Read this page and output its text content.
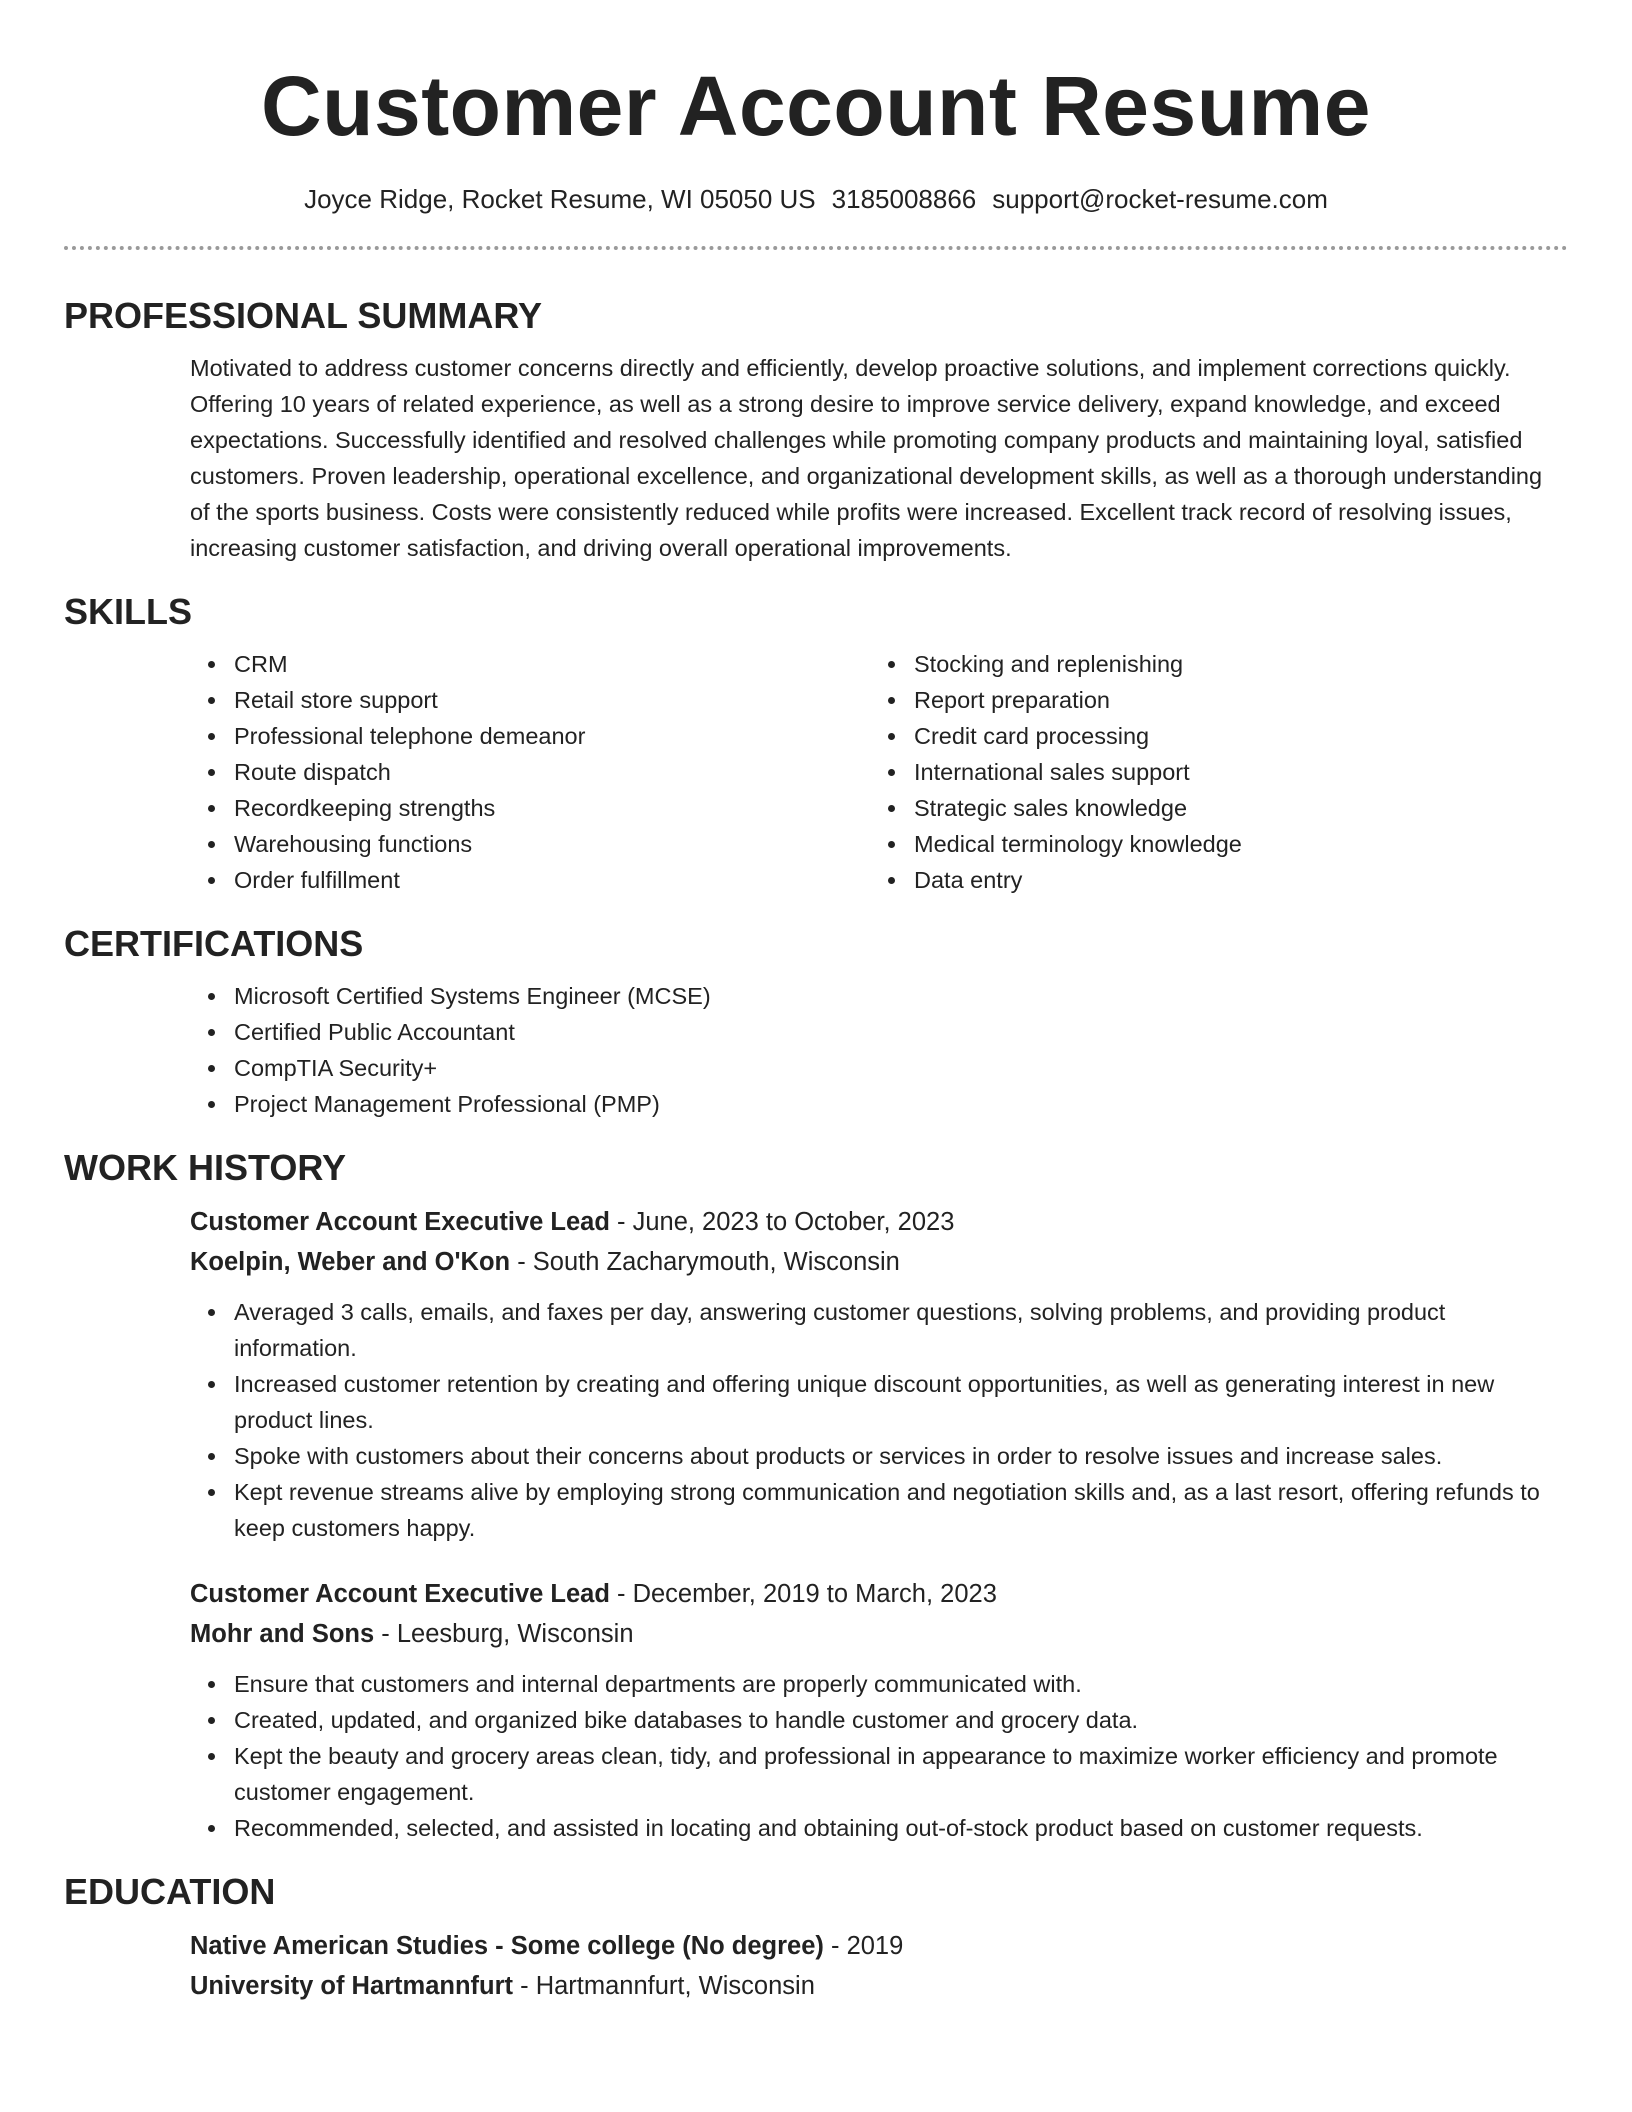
Customer Account Resume
Joyce Ridge, Rocket Resume, WI 05050 US 3185008866 support@rocket-resume.com
PROFESSIONAL SUMMARY

Motivated to address customer concerns directly and efficiently, develop proactive solutions, and implement corrections quickly. Offering 10 years of related experience, as well as a strong desire to improve service delivery, expand knowledge, and exceed expectations. Successfully identified and resolved challenges while promoting company products and maintaining loyal, satisfied customers. Proven leadership, operational excellence, and organizational development skills, as well as a thorough understanding of the sports business. Costs were consistently reduced while profits were increased. Excellent track record of resolving issues, increasing customer satisfaction, and driving overall operational improvements.

SKILLS
CRM
Retail store support
Professional telephone demeanor
Route dispatch
Recordkeeping strengths
Warehousing functions
Order fulfillment
Stocking and replenishing
Report preparation
Credit card processing
International sales support
Strategic sales knowledge
Medical terminology knowledge
Data entry
CERTIFICATIONS
Microsoft Certified Systems Engineer (MCSE)
Certified Public Accountant
CompTIA Security+
Project Management Professional (PMP)
WORK HISTORY
Customer Account Executive Lead - June, 2023 to October, 2023
Koelpin, Weber and O'Kon - South Zacharymouth, Wisconsin
Averaged 3 calls, emails, and faxes per day, answering customer questions, solving problems, and providing product information.
Increased customer retention by creating and offering unique discount opportunities, as well as generating interest in new product lines.
Spoke with customers about their concerns about products or services in order to resolve issues and increase sales.
Kept revenue streams alive by employing strong communication and negotiation skills and, as a last resort, offering refunds to keep customers happy.
Customer Account Executive Lead - December, 2019 to March, 2023
Mohr and Sons - Leesburg, Wisconsin
Ensure that customers and internal departments are properly communicated with.
Created, updated, and organized bike databases to handle customer and grocery data.
Kept the beauty and grocery areas clean, tidy, and professional in appearance to maximize worker efficiency and promote customer engagement.
Recommended, selected, and assisted in locating and obtaining out-of-stock product based on customer requests.
EDUCATION
Native American Studies - Some college (No degree) - 2019
University of Hartmannfurt - Hartmannfurt, Wisconsin
